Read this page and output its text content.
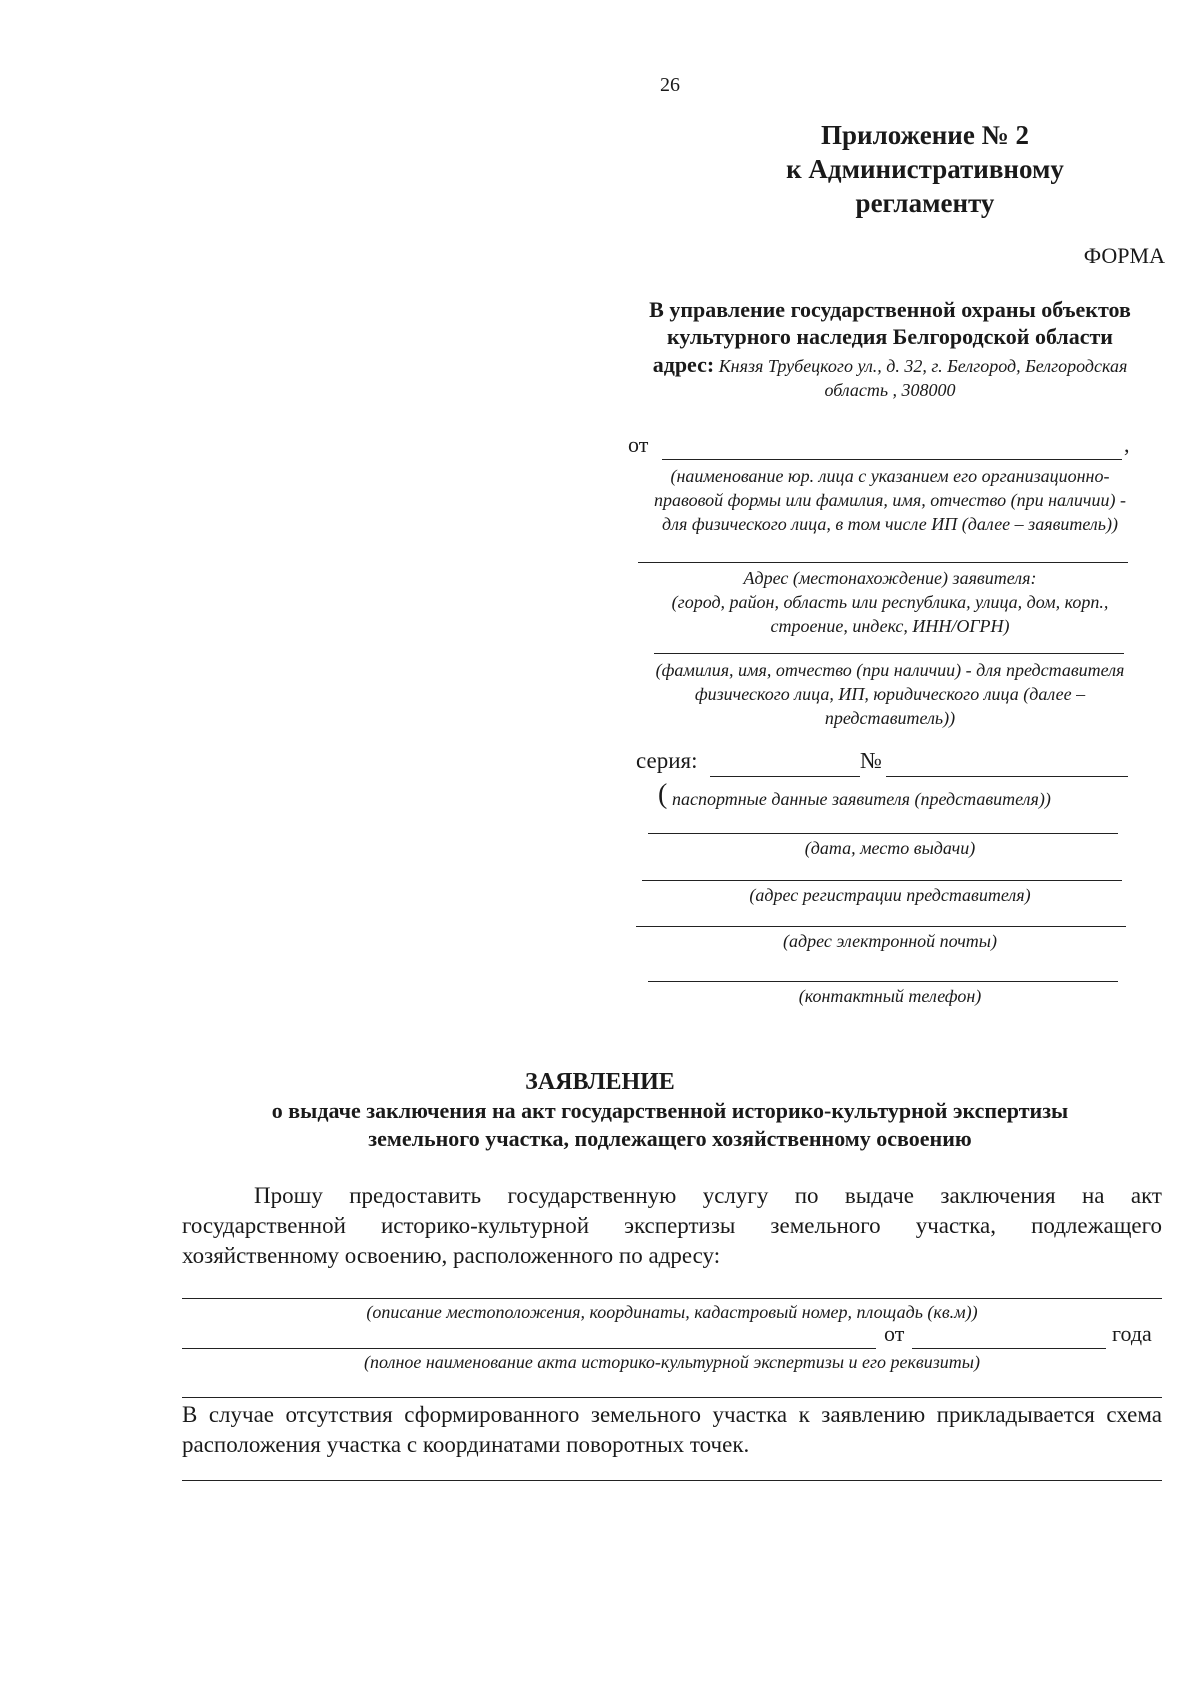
26
Приложение № 2
к Административному
регламенту
ФОРМА
В управление государственной охраны объектов
культурного наследия Белгородской области
адрес: Князя Трубецкого ул., д. 32, г. Белгород, Белгородская
область , 308000
от	,
(наименование юр. лица с указанием его организационно-
правовой формы или фамилия, имя, отчество (при наличии) -
для физического лица, в том числе ИП (далее – заявитель))
Адрес (местонахождение) заявителя:
(город, район, область или республика, улица, дом, корп.,
строение, индекс, ИНН/ОГРН)
(фамилия, имя, отчество (при наличии) - для представителя
физического лица, ИП, юридического лица (далее –
представитель))
серия:	№
( паспортные данные заявителя (представителя))
(дата, место выдачи)
(адрес регистрации представителя)
(адрес электронной почты)
(контактный телефон)
ЗАЯВЛЕНИЕ
о выдаче заключения на акт государственной историко-культурной экспертизы
земельного участка, подлежащего хозяйственному освоению
Прошу предоставить государственную услугу по выдаче заключения на акт государственной историко-культурной экспертизы земельного участка, подлежащего хозяйственному освоению, расположенного по адресу:
(описание местоположения, координаты, кадастровый номер, площадь (кв.м))
от	года
(полное наименование акта историко-культурной экспертизы и его реквизиты)
В случае отсутствия сформированного земельного участка к заявлению прикладывается схема расположения участка с координатами поворотных точек.
